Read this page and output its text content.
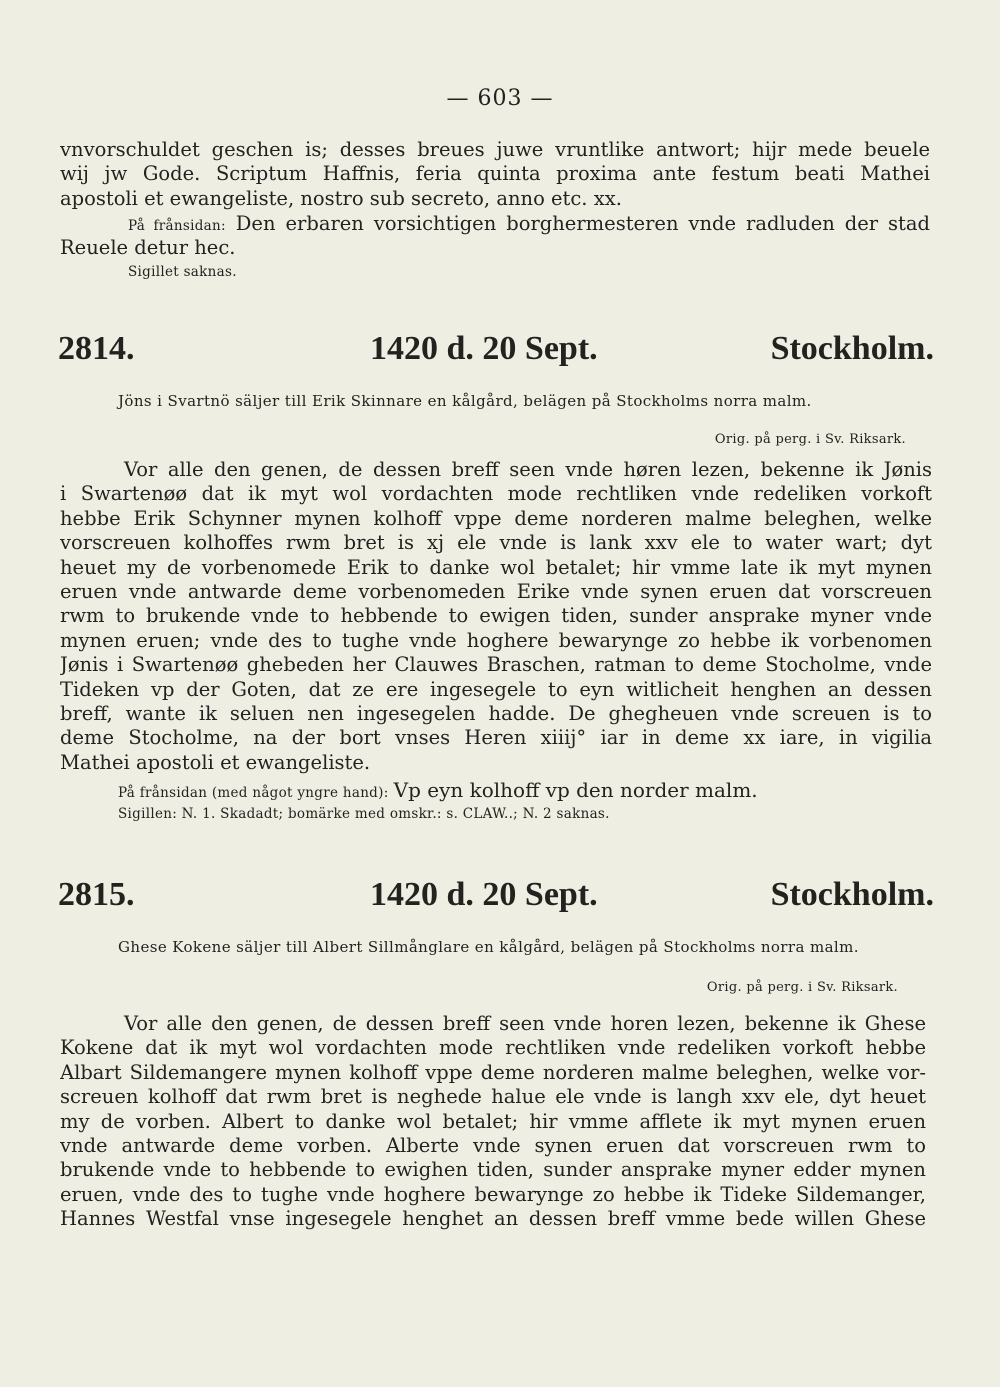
— 603 —
vnvorschuldet geschen is; desses breues juwe vruntlike antwort; hijr mede beuele
wij jw Gode. Scriptum Haffnis, feria quinta proxima ante festum beati Mathei
apostoli et ewangeliste, nostro sub secreto, anno etc. xx.
På frånsidan: Den erbaren vorsichtigen borghermesteren vnde radluden der stad
Reuele detur hec.
Sigillet saknas.
2814.	1420 d. 20 Sept.	Stockholm.
Jöns i Svartnö säljer till Erik Skinnare en kålgård, belägen på Stockholms norra malm.
Orig. på perg. i Sv. Riksark.
Vor alle den genen, de dessen breff seen vnde høren lezen, bekenne ik Jønis
i Swartenøø dat ik myt wol vordachten mode rechtliken vnde redeliken vorkoft
hebbe Erik Schynner mynen kolhoff vppe deme norderen malme beleghen, welke
vorscreuen kolhoffes rwm bret is xj ele vnde is lank xxv ele to water wart; dyt
heuet my de vorbenomede Erik to danke wol betalet; hir vmme late ik myt mynen
eruen vnde antwarde deme vorbenomeden Erike vnde synen eruen dat vorscreuen
rwm to brukende vnde to hebbende to ewigen tiden, sunder ansprake myner vnde
mynen eruen; vnde des to tughe vnde hoghere bewarynge zo hebbe ik vorbenomen
Jønis i Swartenøø ghebeden her Clauwes Braschen, ratman to deme Stocholme, vnde
Tideken vp der Goten, dat ze ere ingesegele to eyn witlicheit henghen an dessen
breff, wante ik seluen nen ingesegelen hadde. De ghegheuen vnde screuen is to
deme Stocholme, na der bort vnses Heren xiiij° iar in deme xx iare, in vigilia
Mathei apostoli et ewangeliste.
På frånsidan (med något yngre hand): Vp eyn kolhoff vp den norder malm.
Sigillen: N. 1. Skadadt; bomärke med omskr.: s. CLAW..; N. 2 saknas.
2815.	1420 d. 20 Sept.	Stockholm.
Ghese Kokene säljer till Albert Sillmånglare en kålgård, belägen på Stockholms norra malm.
Orig. på perg. i Sv. Riksark.
Vor alle den genen, de dessen breff seen vnde horen lezen, bekenne ik Ghese
Kokene dat ik myt wol vordachten mode rechtliken vnde redeliken vorkoft hebbe
Albart Sildemangere mynen kolhoff vppe deme norderen malme beleghen, welke vor-
screuen kolhoff dat rwm bret is neghede halue ele vnde is langh xxv ele, dyt heuet
my de vorben. Albert to danke wol betalet; hir vmme afflete ik myt mynen eruen
vnde antwarde deme vorben. Alberte vnde synen eruen dat vorscreuen rwm to
brukende vnde to hebbende to ewighen tiden, sunder ansprake myner edder mynen
eruen, vnde des to tughe vnde hoghere bewarynge zo hebbe ik Tideke Sildemanger,
Hannes Westfal vnse ingesegele henghet an dessen breff vmme bede willen Ghese
